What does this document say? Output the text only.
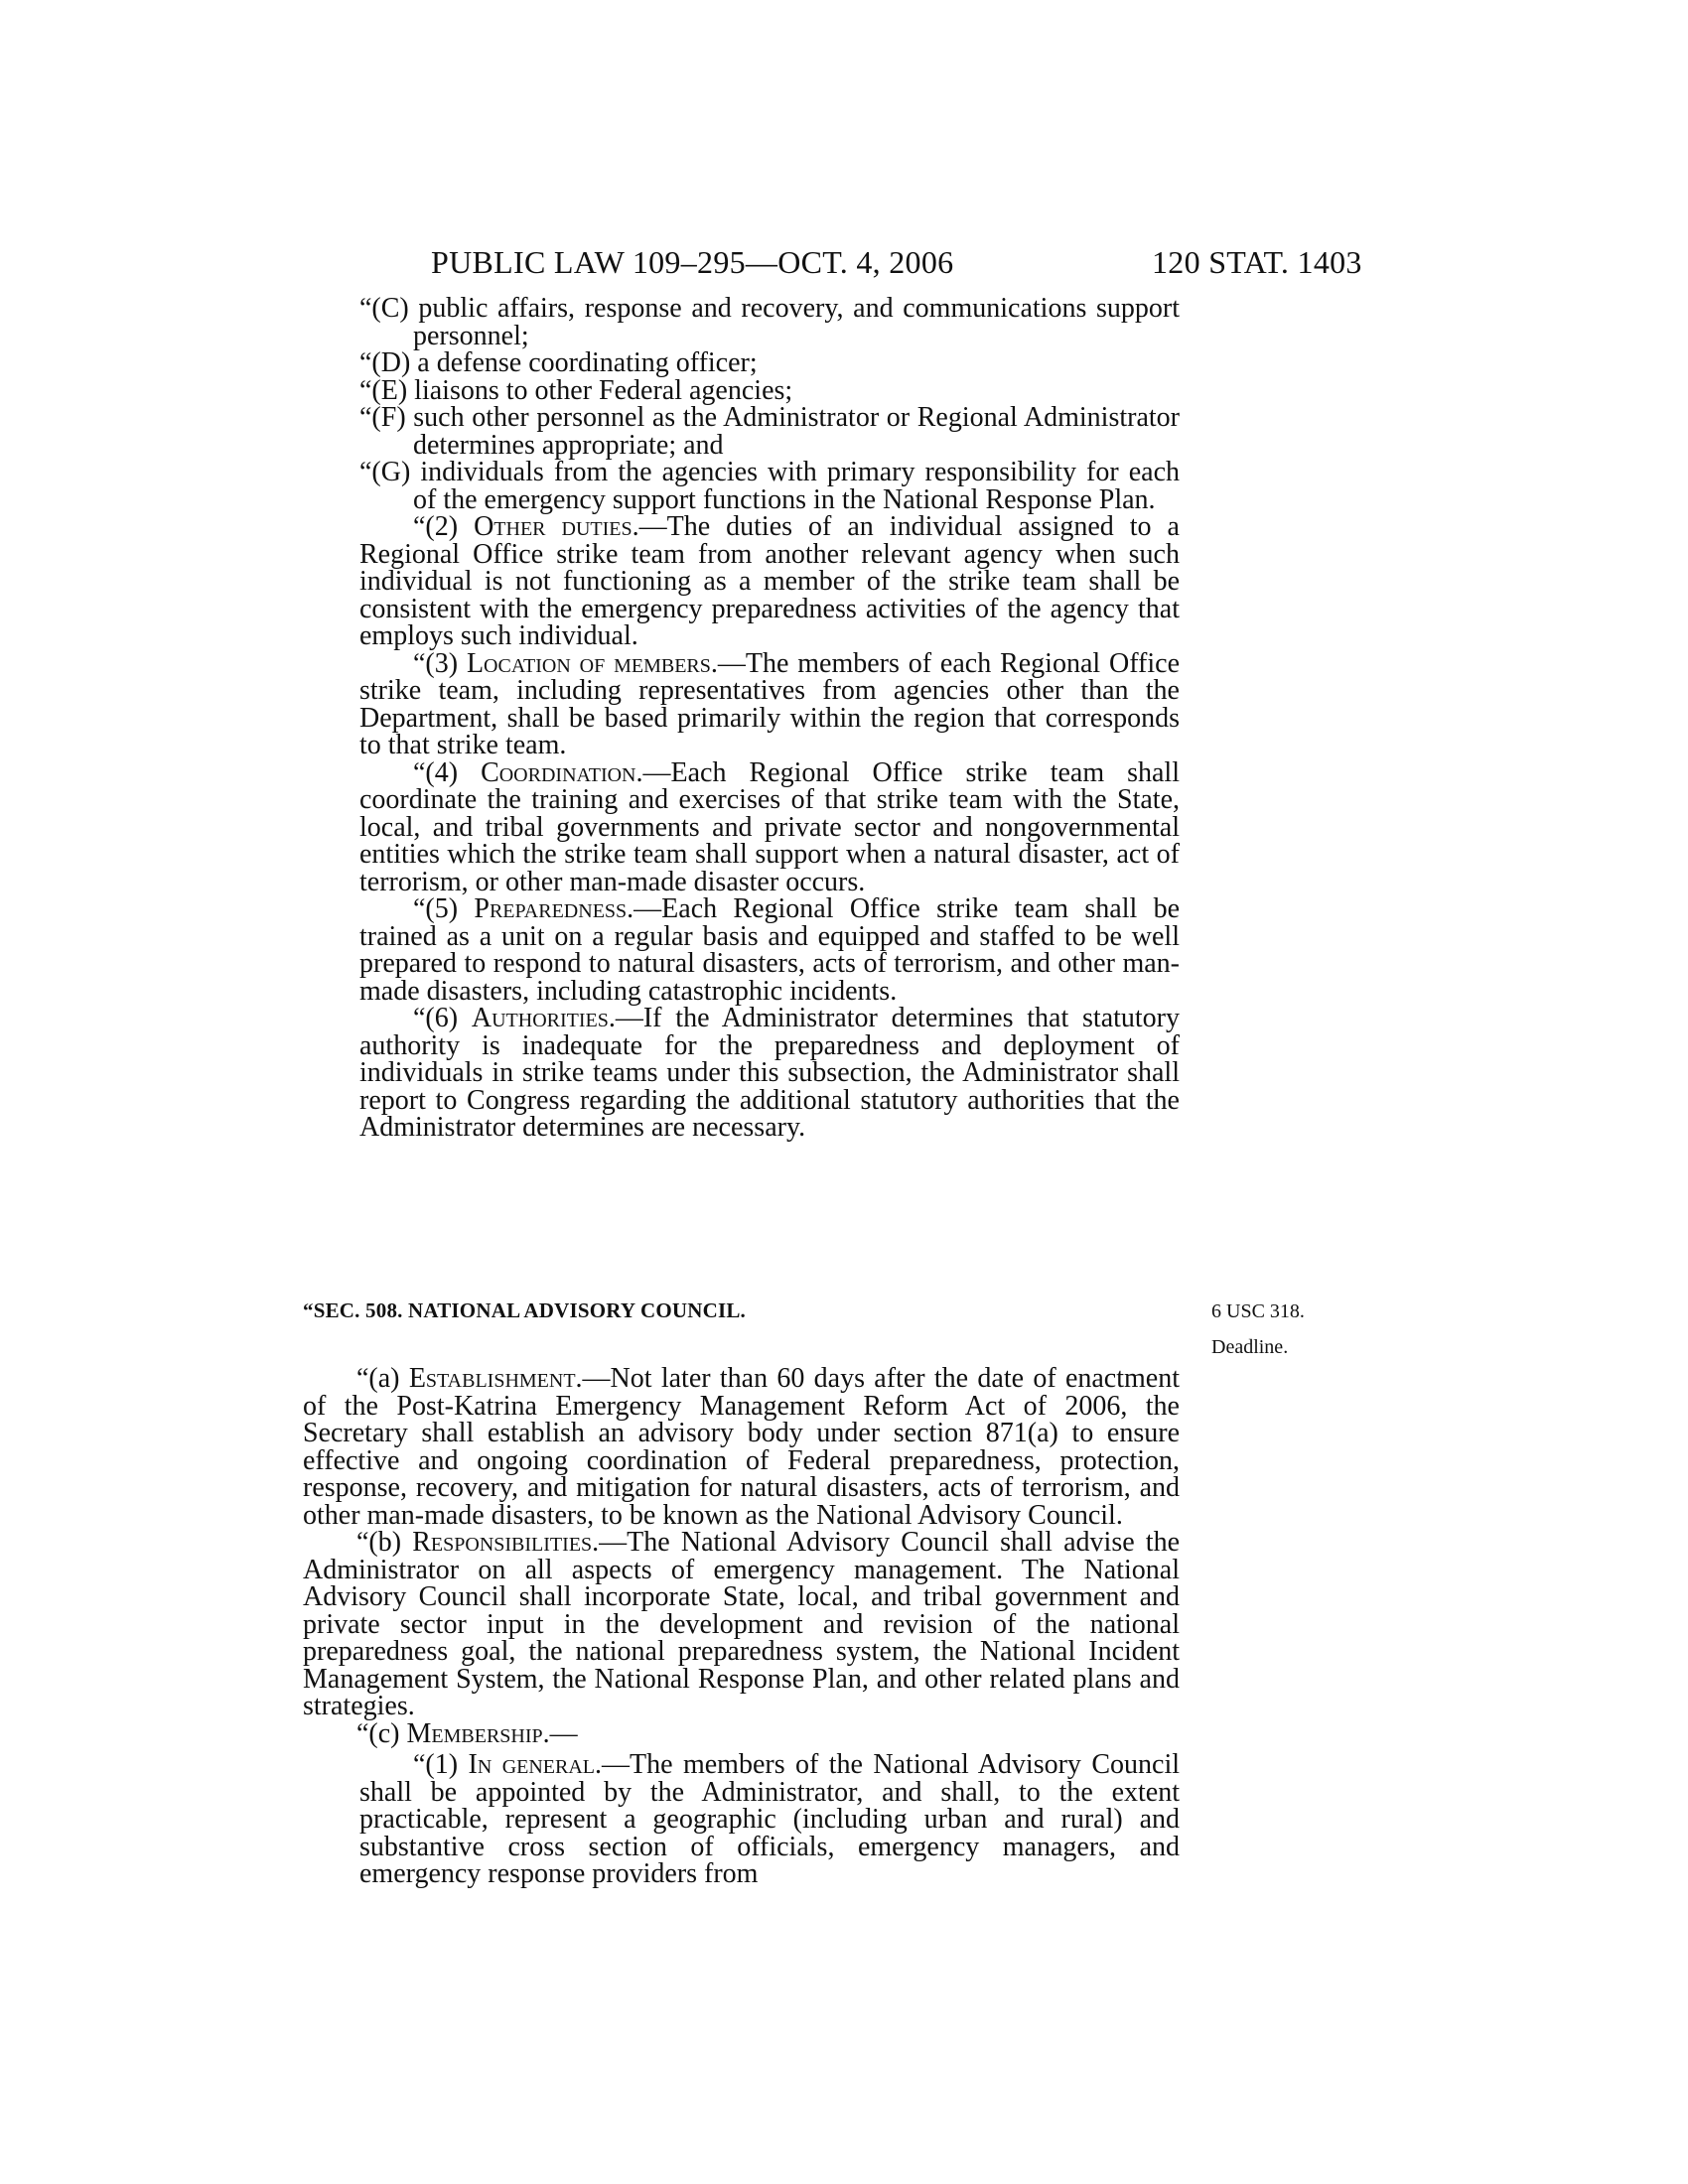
PUBLIC LAW 109–295—OCT. 4, 2006	120 STAT. 1403

“(C) public affairs, response and recovery, and communications support personnel;

“(D) a defense coordinating officer;

“(E) liaisons to other Federal agencies;

“(F) such other personnel as the Administrator or Regional Administrator determines appropriate; and

“(G) individuals from the agencies with primary responsibility for each of the emergency support functions in the National Response Plan.

“(2) Other duties.—The duties of an individual assigned to a Regional Office strike team from another relevant agency when such individual is not functioning as a member of the strike team shall be consistent with the emergency preparedness activities of the agency that employs such individual.

“(3) Location of members.—The members of each Regional Office strike team, including representatives from agencies other than the Department, shall be based primarily within the region that corresponds to that strike team.

“(4) Coordination.—Each Regional Office strike team shall coordinate the training and exercises of that strike team with the State, local, and tribal governments and private sector and nongovernmental entities which the strike team shall support when a natural disaster, act of terrorism, or other man-made disaster occurs.

“(5) Preparedness.—Each Regional Office strike team shall be trained as a unit on a regular basis and equipped and staffed to be well prepared to respond to natural disasters, acts of terrorism, and other man-made disasters, including catastrophic incidents.

“(6) Authorities.—If the Administrator determines that statutory authority is inadequate for the preparedness and deployment of individuals in strike teams under this subsection, the Administrator shall report to Congress regarding the additional statutory authorities that the Administrator determines are necessary.

“SEC. 508. NATIONAL ADVISORY COUNCIL.	6 USC 318.
Deadline.

“(a) Establishment.—Not later than 60 days after the date of enactment of the Post-Katrina Emergency Management Reform Act of 2006, the Secretary shall establish an advisory body under section 871(a) to ensure effective and ongoing coordination of Federal preparedness, protection, response, recovery, and mitigation for natural disasters, acts of terrorism, and other man-made disasters, to be known as the National Advisory Council.

“(b) Responsibilities.—The National Advisory Council shall advise the Administrator on all aspects of emergency management. The National Advisory Council shall incorporate State, local, and tribal government and private sector input in the development and revision of the national preparedness goal, the national preparedness system, the National Incident Management System, the National Response Plan, and other related plans and strategies.

“(c) Membership.—

“(1) In general.—The members of the National Advisory Council shall be appointed by the Administrator, and shall, to the extent practicable, represent a geographic (including urban and rural) and substantive cross section of officials, emergency managers, and emergency response providers from
